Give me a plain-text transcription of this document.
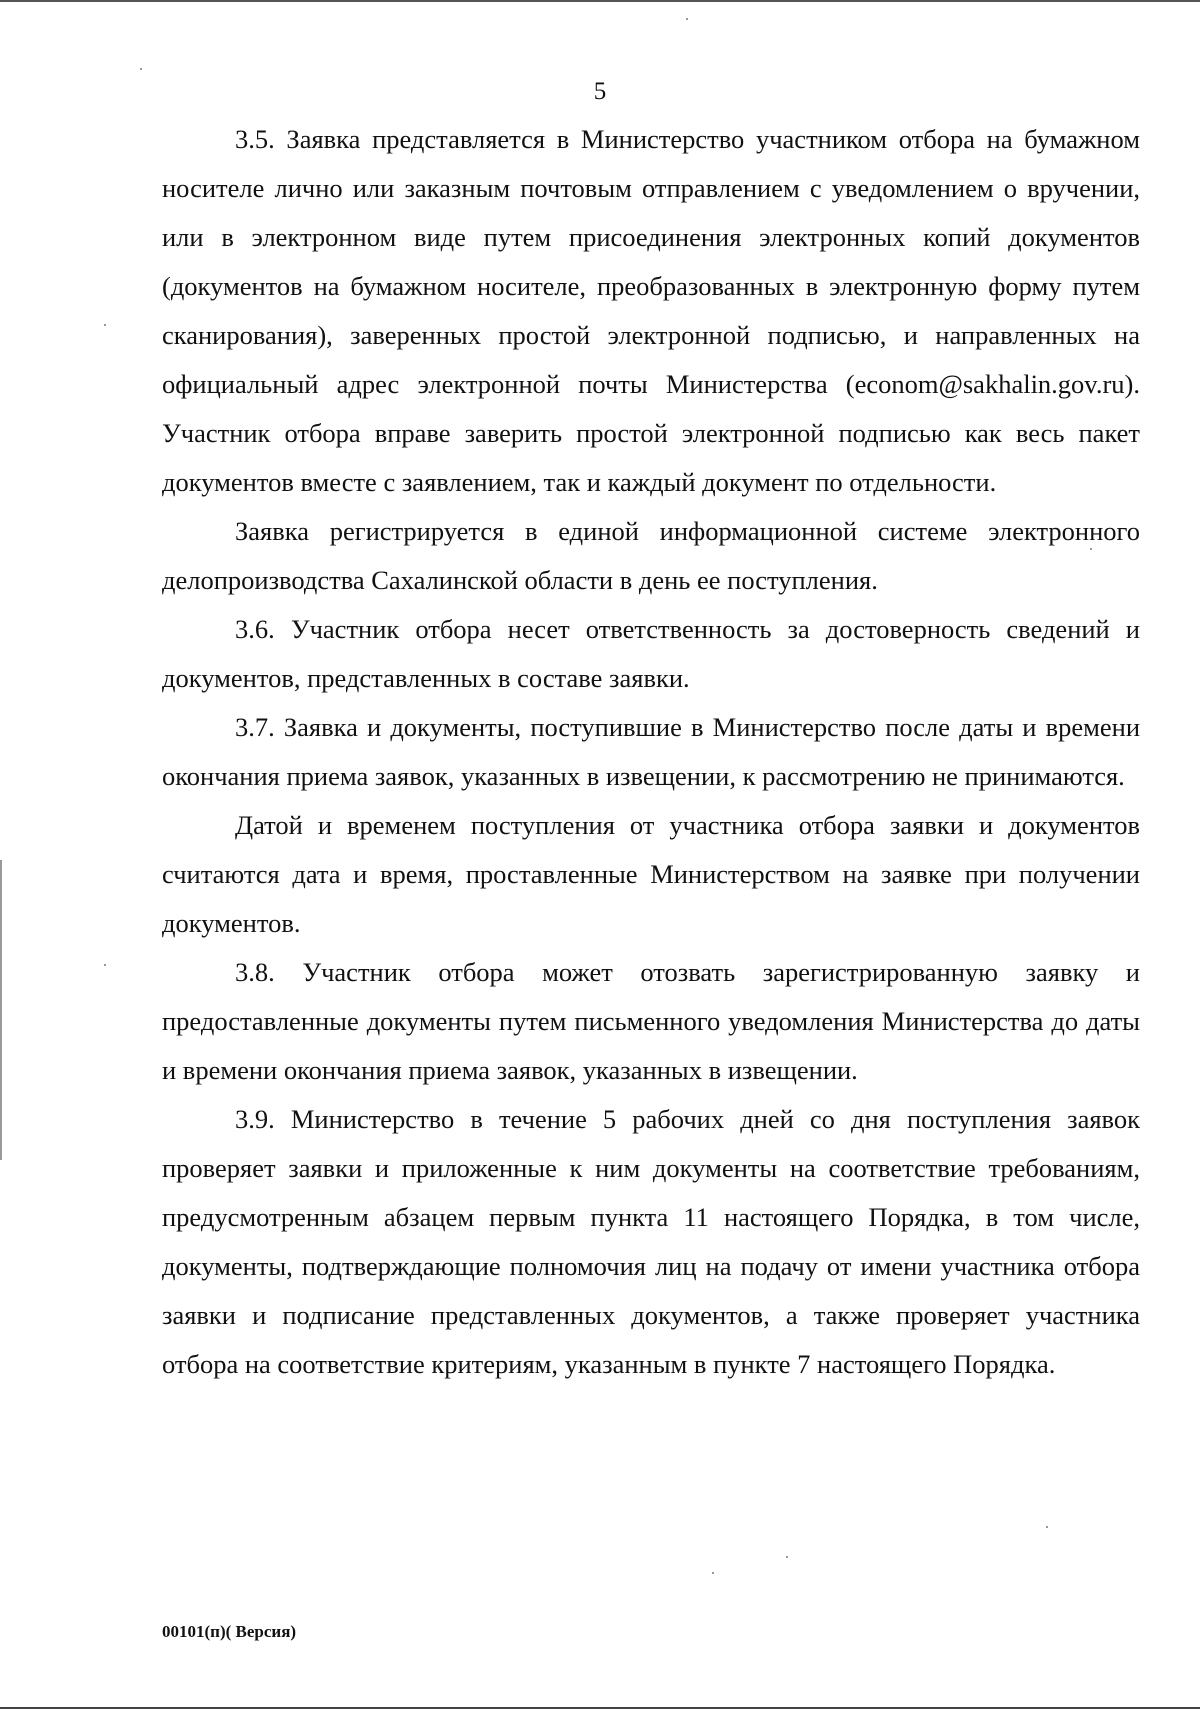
5

3.5. Заявка представляется в Министерство участником отбора на бумажном носителе лично или заказным почтовым отправлением с уведомлением о вручении, или в электронном виде путем присоединения электронных копий документов (документов на бумажном носителе, преобразованных в электронную форму путем сканирования), заверенных простой электронной подписью, и направленных на официальный адрес электронной почты Министерства (econom@sakhalin.gov.ru). Участник отбора вправе заверить простой электронной подписью как весь пакет документов вместе с заявлением, так и каждый документ по отдельности.

Заявка регистрируется в единой информационной системе электронного делопроизводства Сахалинской области в день ее поступления.

3.6. Участник отбора несет ответственность за достоверность сведений и документов, представленных в составе заявки.

3.7. Заявка и документы, поступившие в Министерство после даты и времени окончания приема заявок, указанных в извещении, к рассмотрению не принимаются.

Датой и временем поступления от участника отбора заявки и документов считаются дата и время, проставленные Министерством на заявке при получении документов.

3.8. Участник отбора может отозвать зарегистрированную заявку и предоставленные документы путем письменного уведомления Министерства до даты и времени окончания приема заявок, указанных в извещении.

3.9. Министерство в течение 5 рабочих дней со дня поступления заявок проверяет заявки и приложенные к ним документы на соответствие требованиям, предусмотренным абзацем первым пункта 11 настоящего Порядка, в том числе, документы, подтверждающие полномочия лиц на подачу от имени участника отбора заявки и подписание представленных документов, а также проверяет участника отбора на соответствие критериям, указанным в пункте 7 настоящего Порядка.

00101(п)( Версия)
